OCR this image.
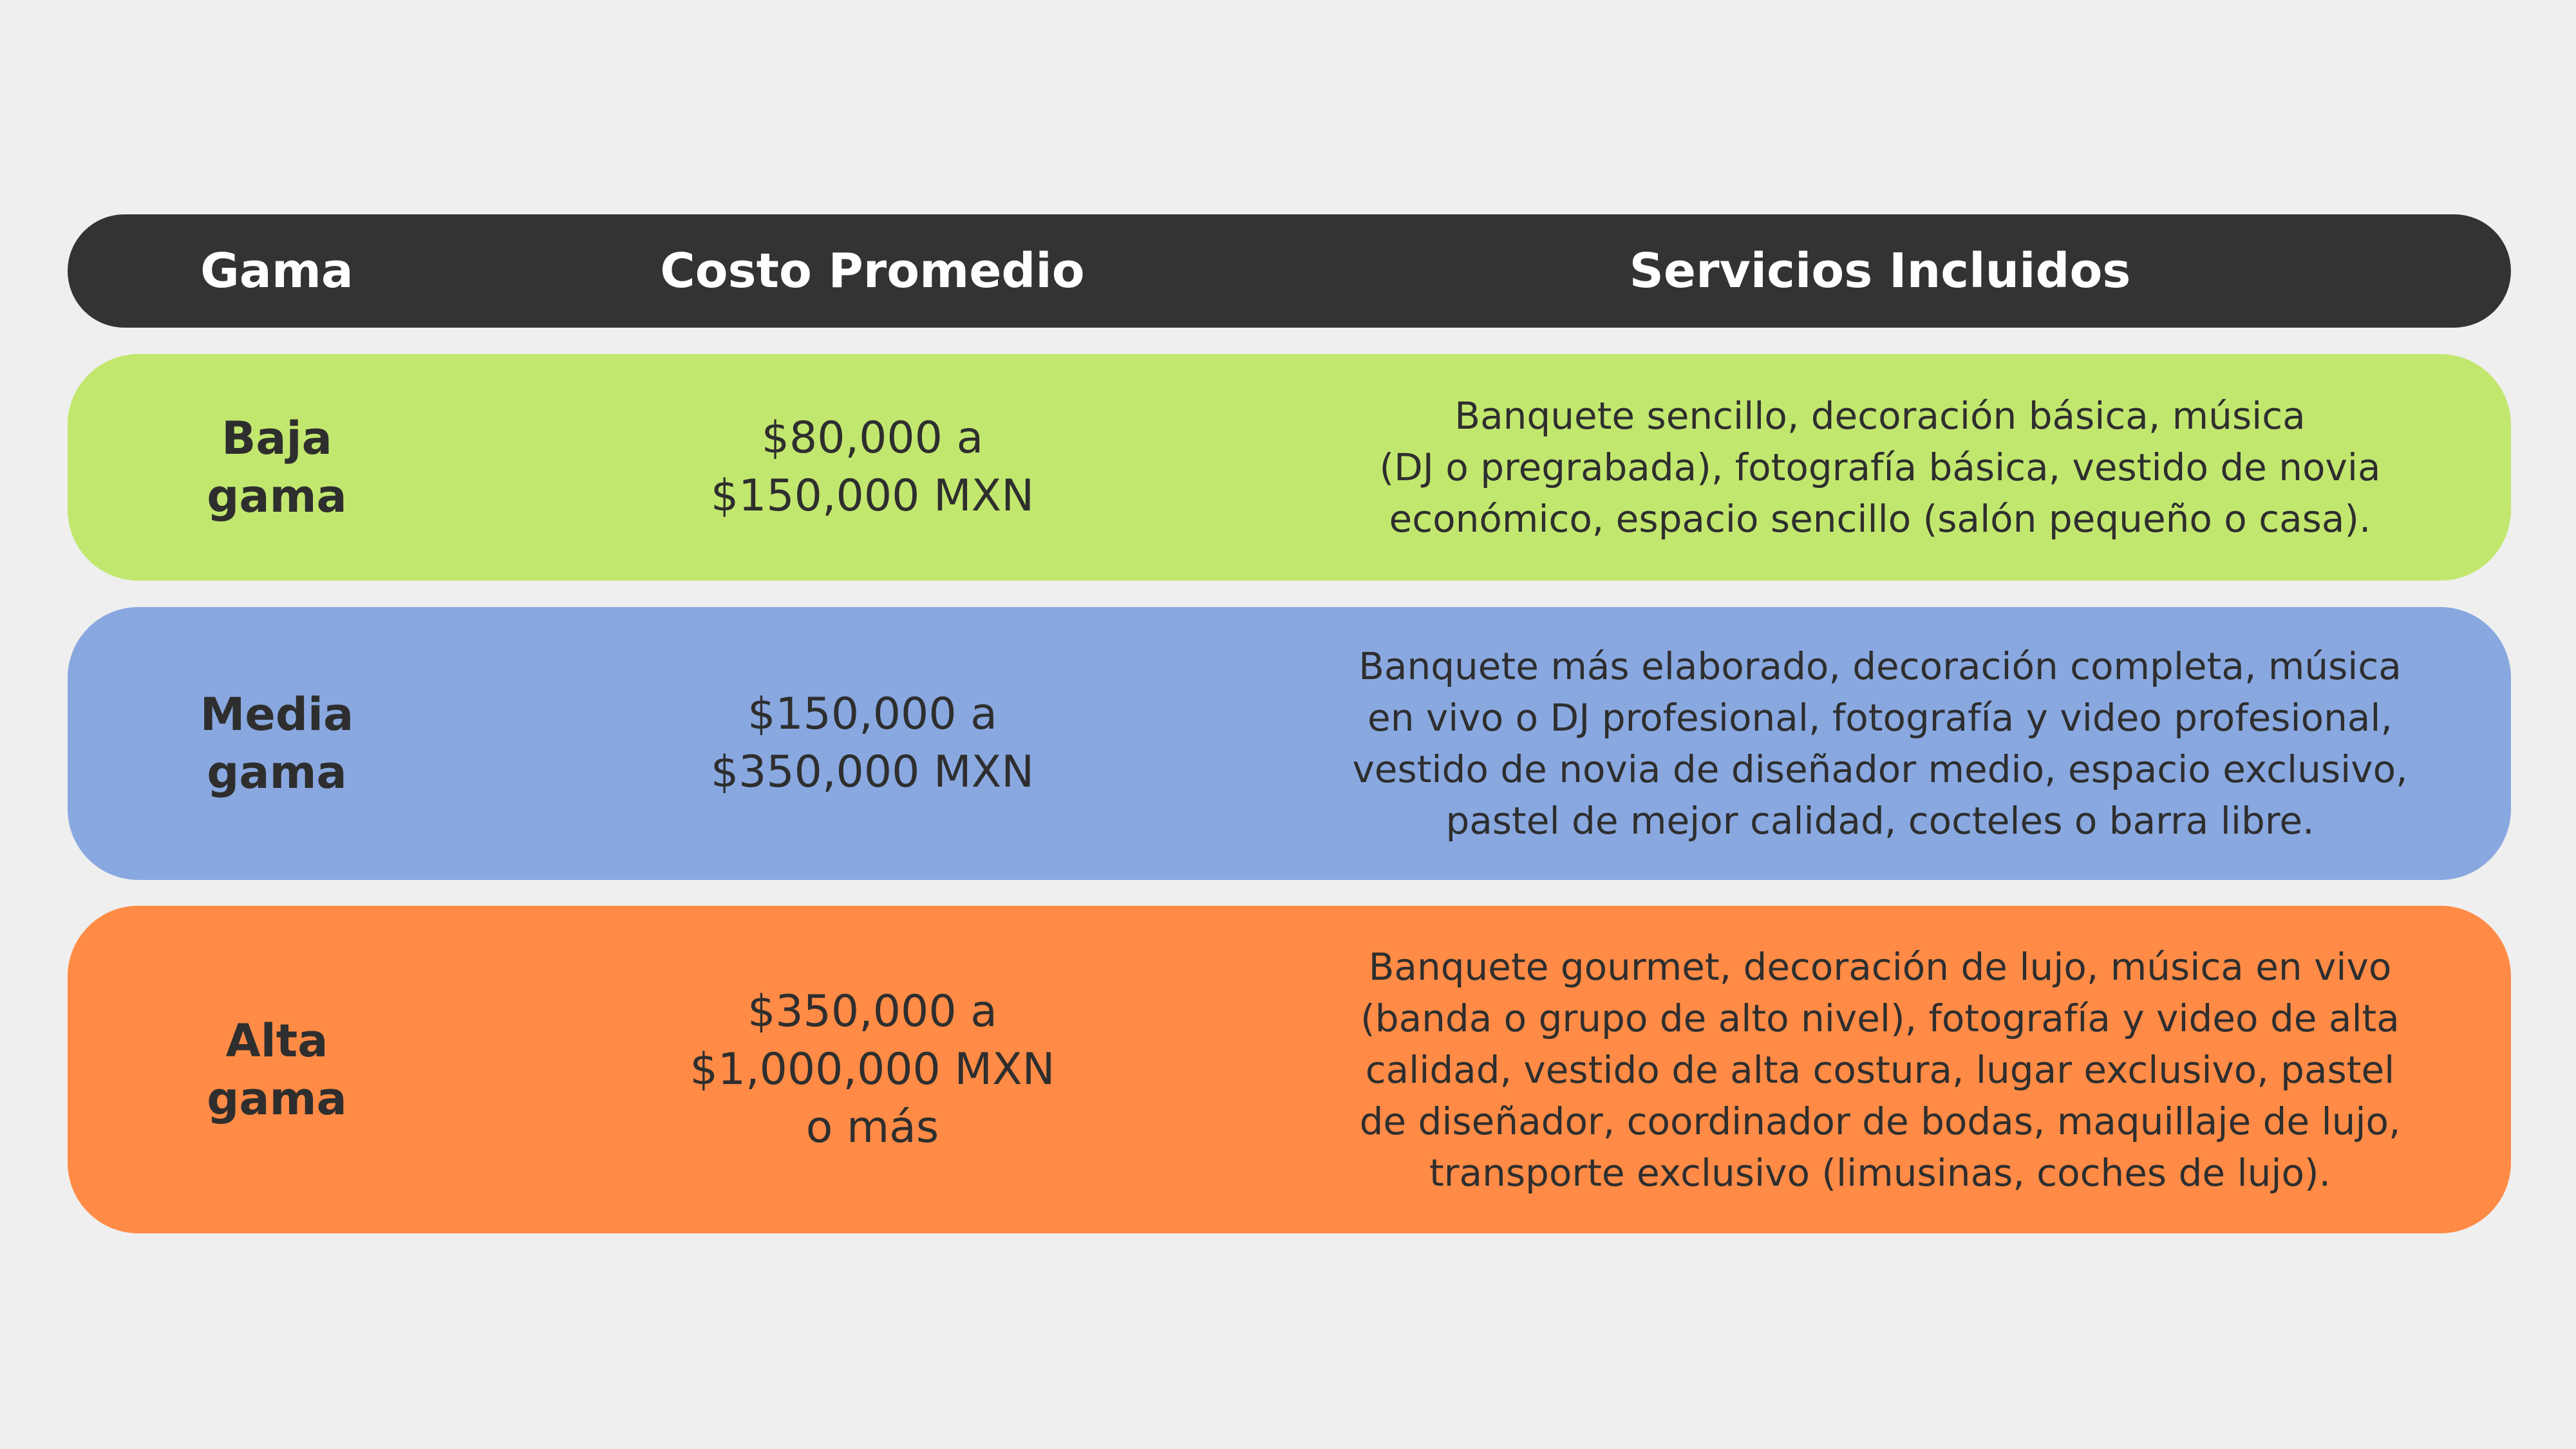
Gama	Costo Promedio	Servicios Incluidos
Baja
gama
$80,000 a
$150,000 MXN
Banquete sencillo, decoración básica, música
(DJ o pregrabada), fotografía básica, vestido de novia
económico, espacio sencillo (salón pequeño o casa).
Media
gama
$150,000 a
$350,000 MXN
Banquete más elaborado, decoración completa, música
en vivo o DJ profesional, fotografía y video profesional,
vestido de novia de diseñador medio, espacio exclusivo,
pastel de mejor calidad, cocteles o barra libre.
Alta
gama
$350,000 a
$1,000,000 MXN
o más
Banquete gourmet, decoración de lujo, música en vivo
(banda o grupo de alto nivel), fotografía y video de alta
calidad, vestido de alta costura, lugar exclusivo, pastel
de diseñador, coordinador de bodas, maquillaje de lujo,
transporte exclusivo (limusinas, coches de lujo).
